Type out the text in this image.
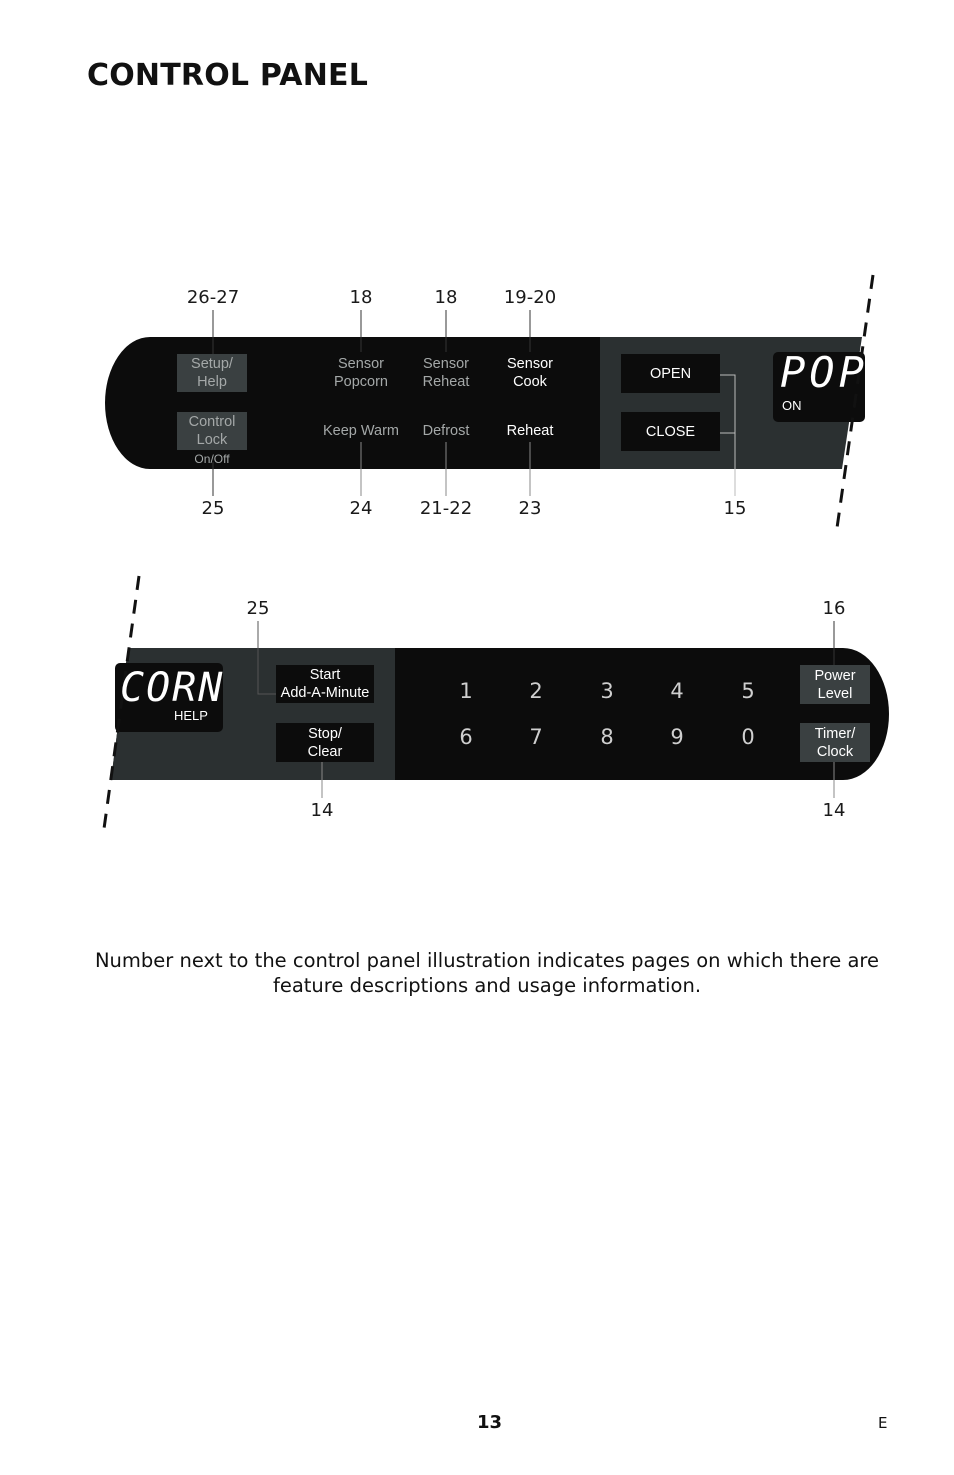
CONTROL PANEL
26-27	18	18	19-20
25	24	21-22	23	15
Setup/
Help
Control
Lock
On/Off
Sensor
Popcorn
Sensor
Reheat
Sensor
Cook
Keep Warm Defrost	Reheat
OPEN
CLOSE
POP
ON
25	16
14	14
CORN
HELP
Start
Add-A-Minute
Stop/
Clear
1	2	3	4	5
6	7	8	9	0
Power
Level
Timer/
Clock

Number next to the control panel illustration indicates pages on which there are feature descriptions and usage information.

13	E
